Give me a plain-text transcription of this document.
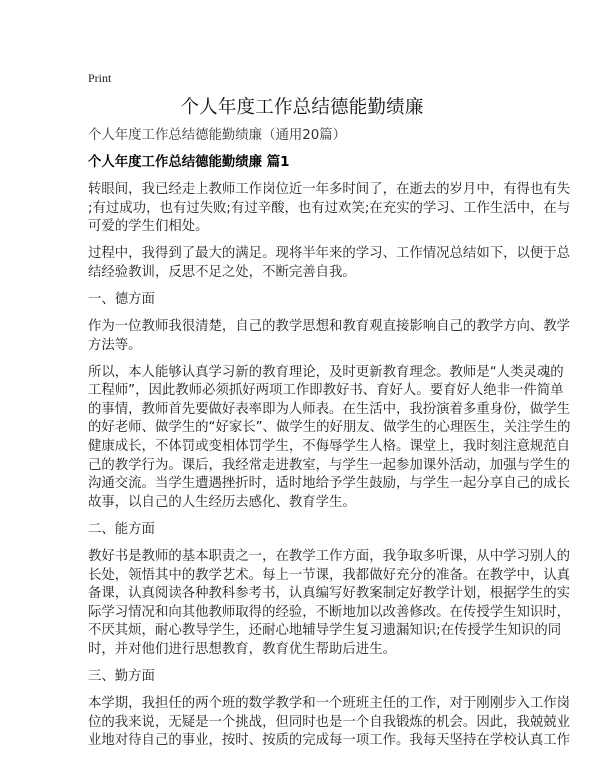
Print
个人年度工作总结德能勤绩廉
个人年度工作总结德能勤绩廉（通用20篇）
个人年度工作总结德能勤绩廉 篇1

转眼间，我已经走上教师工作岗位近一年多时间了，在逝去的岁月中，有得也有失
;有过成功，也有过失败;有过辛酸，也有过欢笑;在充实的学习、工作生活中，在与
可爱的学生们相处。

过程中，我得到了最大的满足。现将半年来的学习、工作情况总结如下，以便于总
结经验教训，反思不足之处，不断完善自我。

一、德方面

作为一位教师我很清楚，自己的教学思想和教育观直接影响自己的教学方向、教学
方法等。

所以，本人能够认真学习新的教育理论，及时更新教育理念。教师是“人类灵魂的
工程师”，因此教师必须抓好两项工作即教好书、育好人。要育好人绝非一件简单
的事情，教师首先要做好表率即为人师表。在生活中，我扮演着多重身份，做学生
的好老师、做学生的“好家长”、做学生的好朋友、做学生的心理医生，关注学生的
健康成长，不体罚或变相体罚学生，不侮辱学生人格。课堂上，我时刻注意规范自
己的教学行为。课后，我经常走进教室，与学生一起参加课外活动，加强与学生的
沟通交流。当学生遭遇挫折时，适时地给予学生鼓励，与学生一起分享自己的成长
故事，以自己的人生经历去感化、教育学生。

二、能方面

教好书是教师的基本职责之一，在教学工作方面，我争取多听课，从中学习别人的
长处，领悟其中的教学艺术。每上一节课，我都做好充分的准备。在教学中，认真
备课，认真阅读各种教科参考书，认真编写好教案制定好教学计划，根据学生的实
际学习情况和向其他教师取得的经验，不断地加以改善修改。在传授学生知识时，
不厌其烦，耐心教导学生，还耐心地辅导学生复习遗漏知识;在传授学生知识的同
时，并对他们进行思想教育，教育优生帮助后进生。

三、勤方面

本学期，我担任的两个班的数学教学和一个班班主任的工作，对于刚刚步入工作岗
位的我来说，无疑是一个挑战，但同时也是一个自我锻炼的机会。因此，我兢兢业
业地对待自己的事业，按时、按质的完成每一项工作。我每天坚持在学校认真工作
